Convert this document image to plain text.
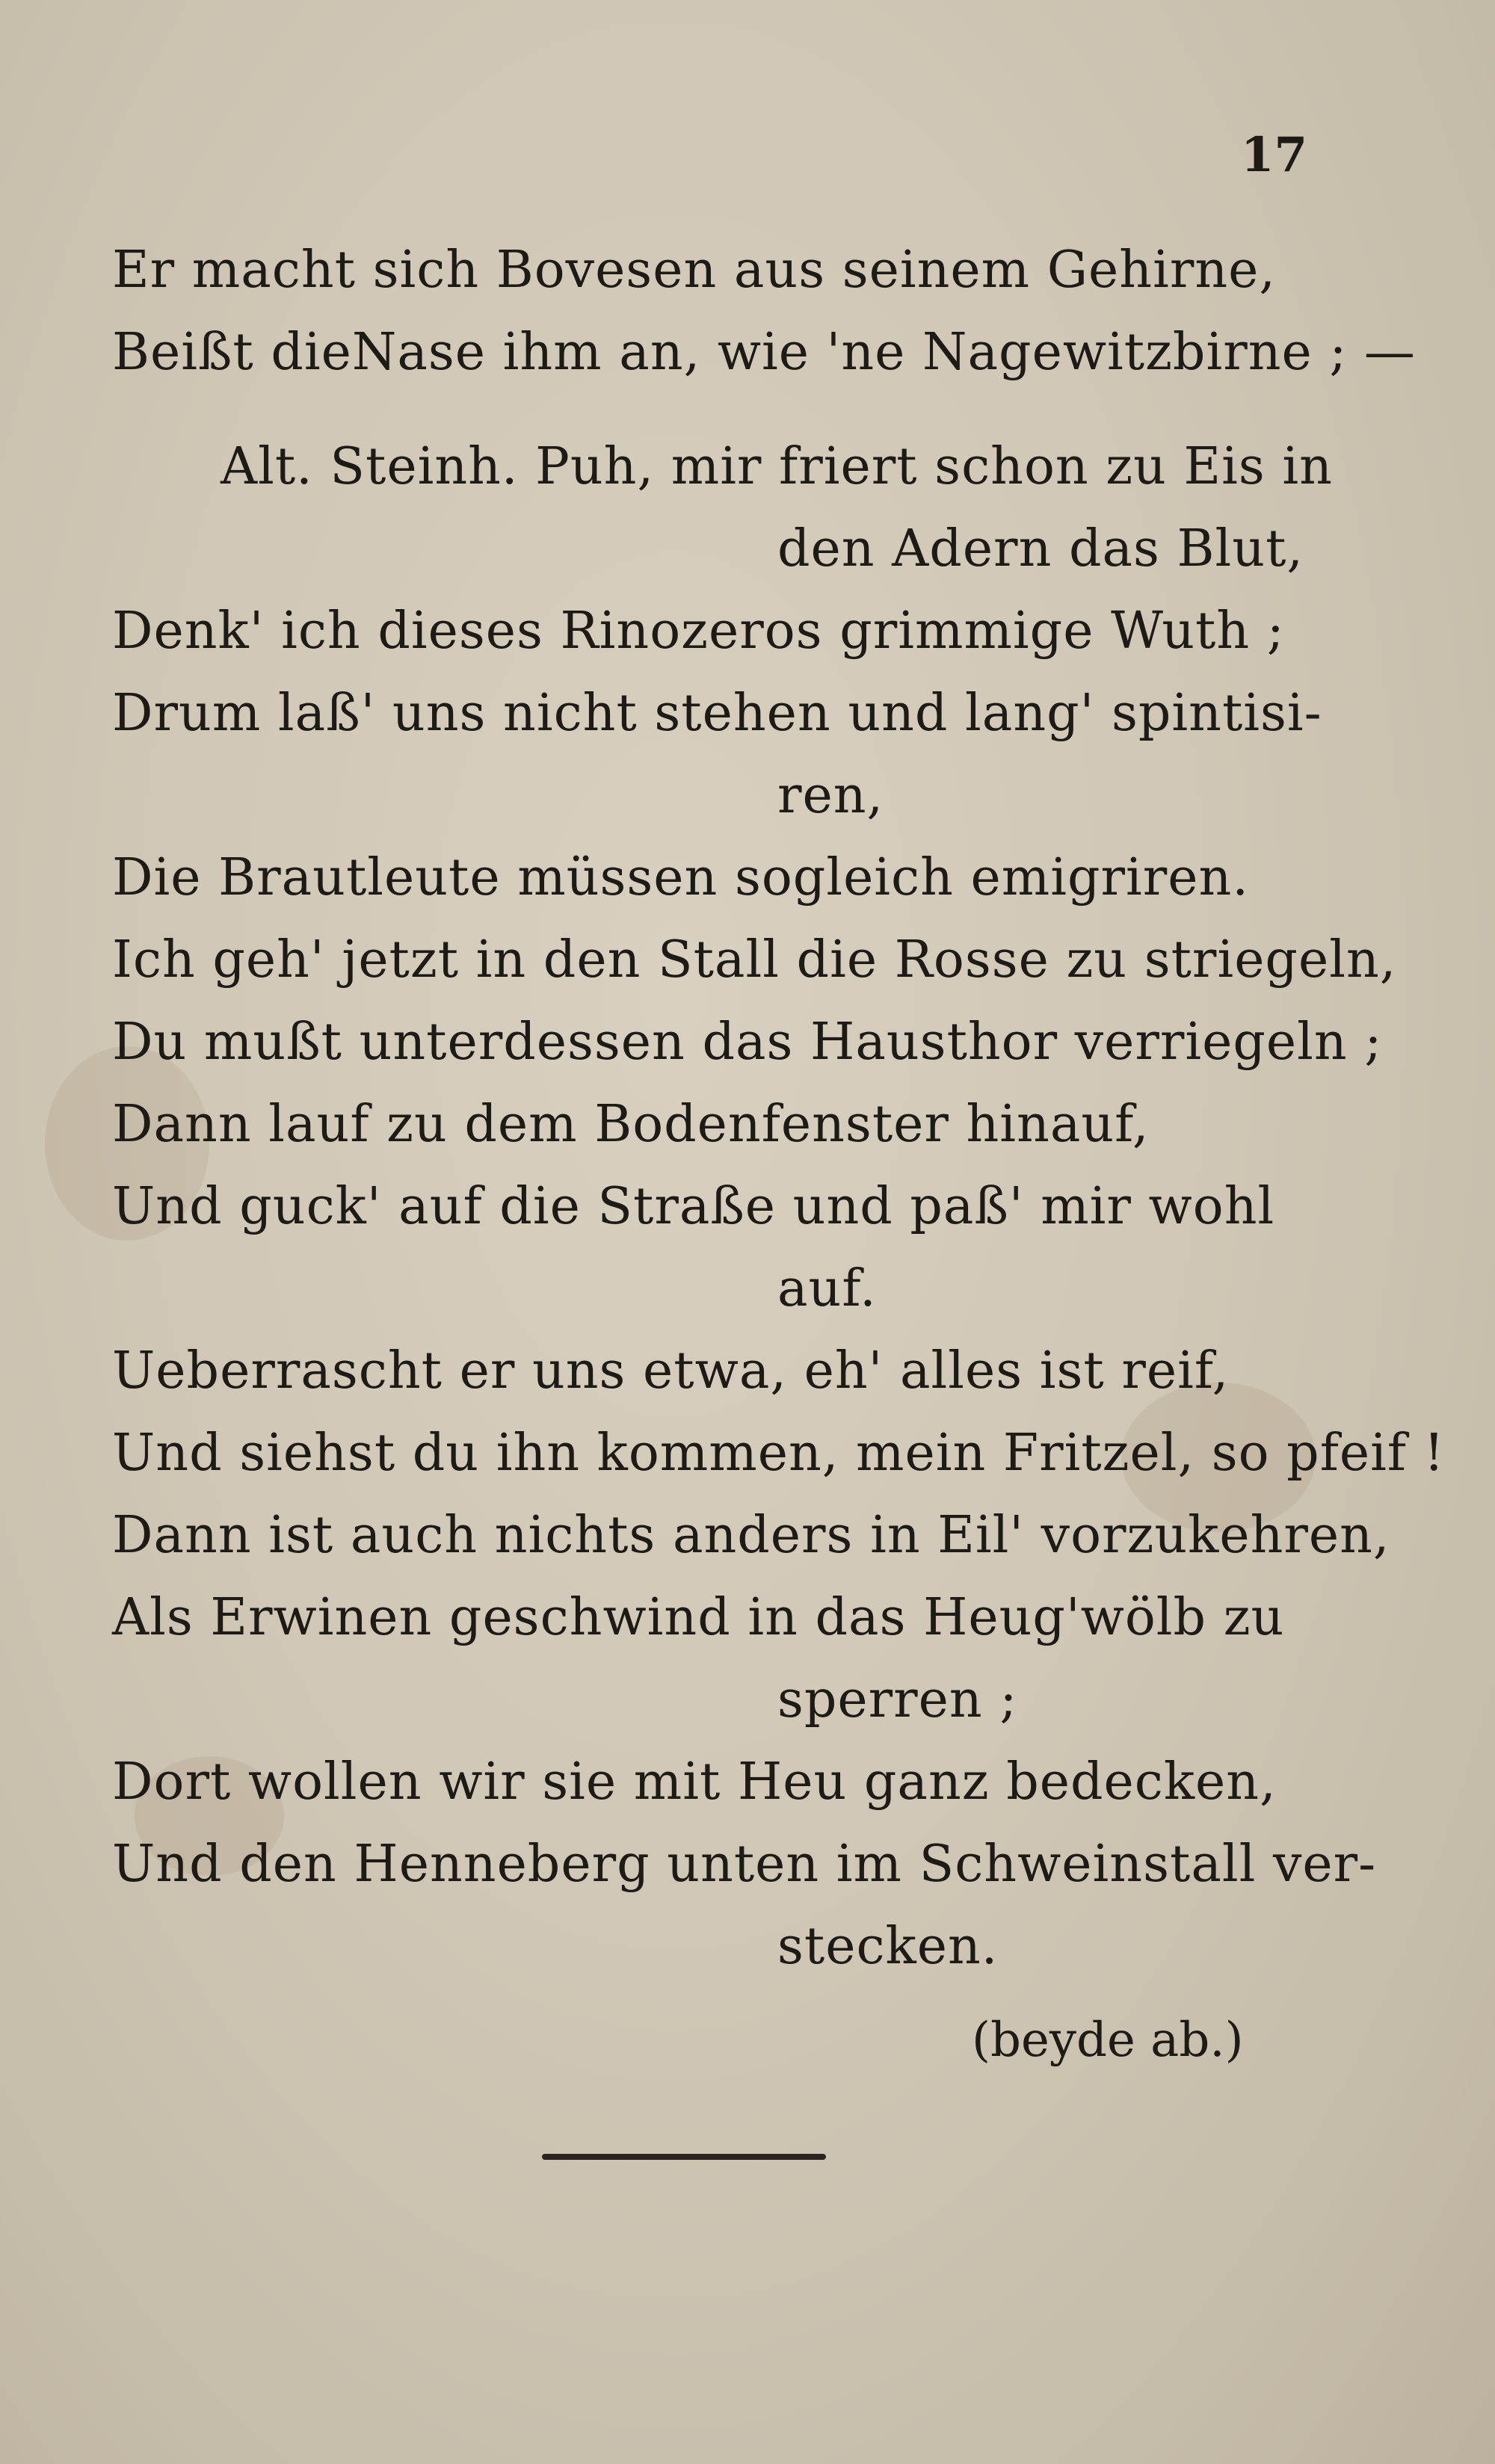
17
Er macht sich Bovesen aus seinem Gehirne,
Beißt dieNase ihm an, wie 'ne Nagewitzbirne ; —
Alt. Steinh. Puh, mir friert schon zu Eis in
den Adern das Blut,
Denk' ich dieses Rinozeros grimmige Wuth ;
Drum laß' uns nicht stehen und lang' spintisi-
ren,
Die Brautleute müssen sogleich emigriren.
Ich geh' jetzt in den Stall die Rosse zu striegeln,
Du mußt unterdessen das Hausthor verriegeln ;
Dann lauf zu dem Bodenfenster hinauf,
Und guck' auf die Straße und paß' mir wohl
auf.
Ueberrascht er uns etwa, eh' alles ist reif,
Und siehst du ihn kommen, mein Fritzel, so pfeif !
Dann ist auch nichts anders in Eil' vorzukehren,
Als Erwinen geschwind in das Heug'wölb zu
sperren ;
Dort wollen wir sie mit Heu ganz bedecken,
Und den Henneberg unten im Schweinstall ver-
stecken.
(beyde ab.)
